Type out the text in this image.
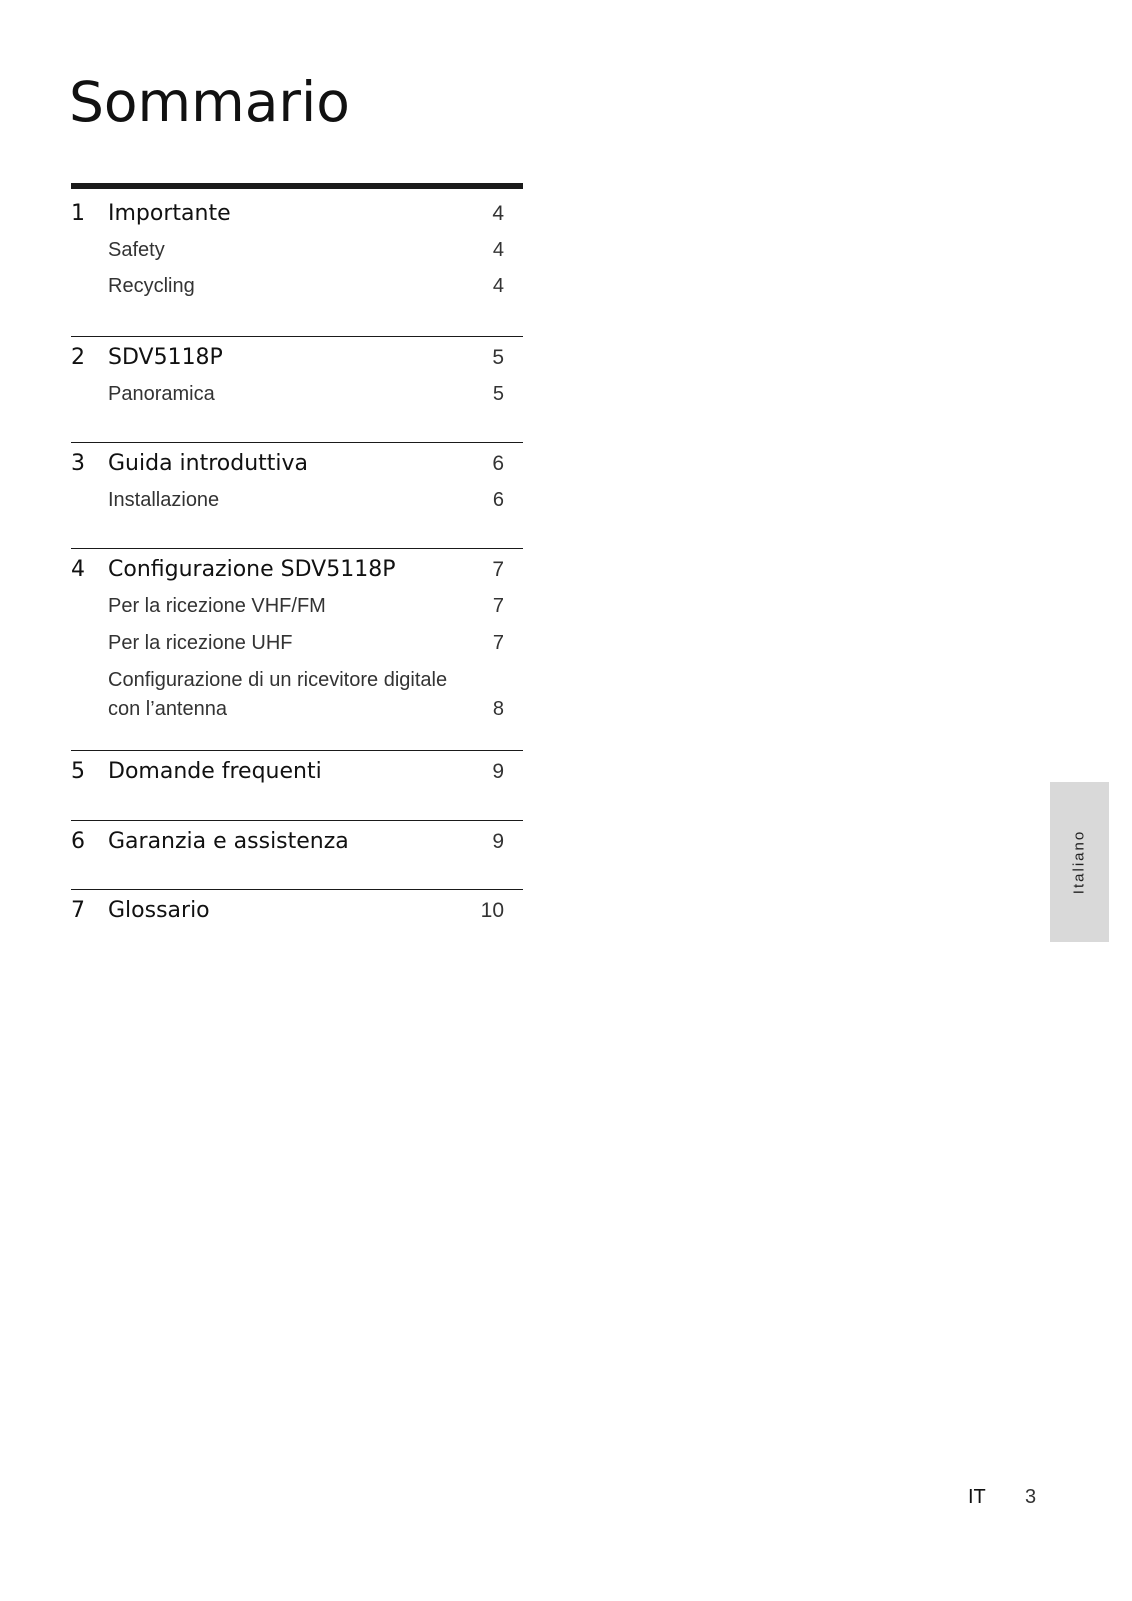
Sommario
1 Importante	4
Safety	4
Recycling	4
2 SDV5118P	5
Panoramica	5
3 Guida introduttiva	6
Installazione	6
4 Configurazione SDV5118P	7
Per la ricezione VHF/FM	7
Per la ricezione UHF	7
Configurazione di un ricevitore digitale
con l’antenna	8
5 Domande frequenti	9
6 Garanzia e assistenza	9
7 Glossario	10
Italiano
IT 3
